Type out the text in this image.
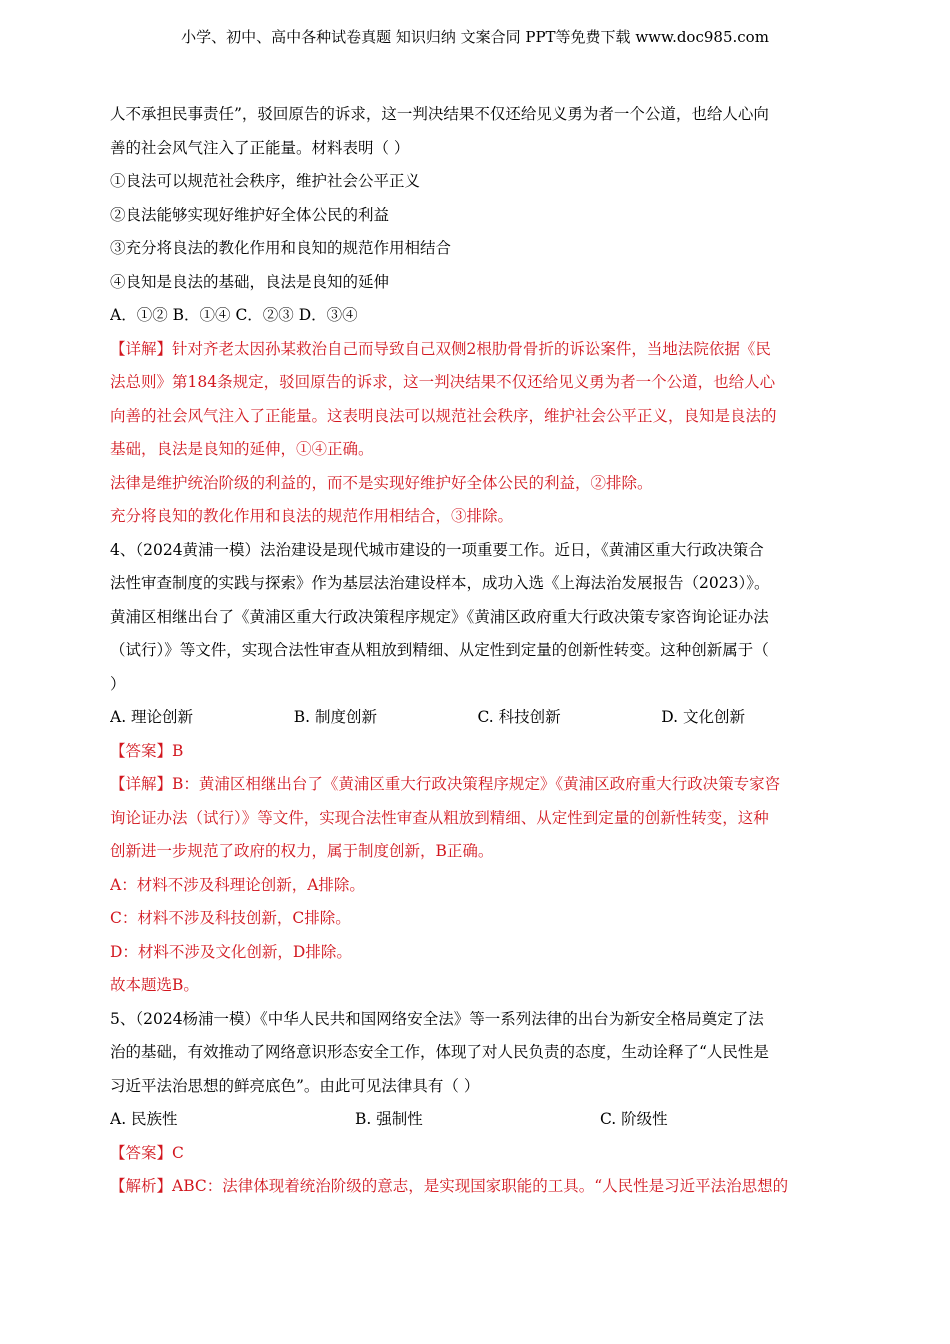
小学、初中、高中各种试卷真题 知识归纳 文案合同 PPT等免费下载 www.doc985.com
人不承担民事责任”，驳回原告的诉求，这一判决结果不仅还给见义勇为者一个公道，也给人心向
善的社会风气注入了正能量。材料表明（ ）
①良法可以规范社会秩序，维护社会公平正义
②良法能够实现好维护好全体公民的利益
③充分将良法的教化作用和良知的规范作用相结合
④良知是良法的基础，良法是良知的延伸
A．①② B．①④ C．②③ D．③④
【详解】针对齐老太因孙某救治自己而导致自己双侧2根肋骨骨折的诉讼案件，当地法院依据《民
法总则》第184条规定，驳回原告的诉求，这一判决结果不仅还给见义勇为者一个公道，也给人心
向善的社会风气注入了正能量。这表明良法可以规范社会秩序，维护社会公平正义，良知是良法的
基础，良法是良知的延伸，①④正确。
法律是维护统治阶级的利益的，而不是实现好维护好全体公民的利益，②排除。
充分将良知的教化作用和良法的规范作用相结合，③排除。
4、（2024黄浦一模）法治建设是现代城市建设的一项重要工作。近日，《黄浦区重大行政决策合
法性审查制度的实践与探索》作为基层法治建设样本，成功入选《上海法治发展报告（2023）》。
黄浦区相继出台了《黄浦区重大行政决策程序规定》《黄浦区政府重大行政决策专家咨询论证办法
（试行）》等文件，实现合法性审查从粗放到精细、从定性到定量的创新性转变。这种创新属于（
）
A. 理论创新	B. 制度创新	C. 科技创新	D. 文化创新
【答案】B
【详解】B：黄浦区相继出台了《黄浦区重大行政决策程序规定》《黄浦区政府重大行政决策专家咨
询论证办法（试行）》等文件，实现合法性审查从粗放到精细、从定性到定量的创新性转变，这种
创新进一步规范了政府的权力，属于制度创新，B正确。
A：材料不涉及科理论创新，A排除。
C：材料不涉及科技创新，C排除。
D：材料不涉及文化创新，D排除。
故本题选B。
5、（2024杨浦一模）《中华人民共和国网络安全法》等一系列法律的出台为新安全格局奠定了法
治的基础，有效推动了网络意识形态安全工作，体现了对人民负责的态度，生动诠释了“人民性是
习近平法治思想的鲜亮底色”。由此可见法律具有（ ）
A. 民族性	B. 强制性	C. 阶级性
【答案】C
【解析】ABC：法律体现着统治阶级的意志，是实现国家职能的工具。“人民性是习近平法治思想的
